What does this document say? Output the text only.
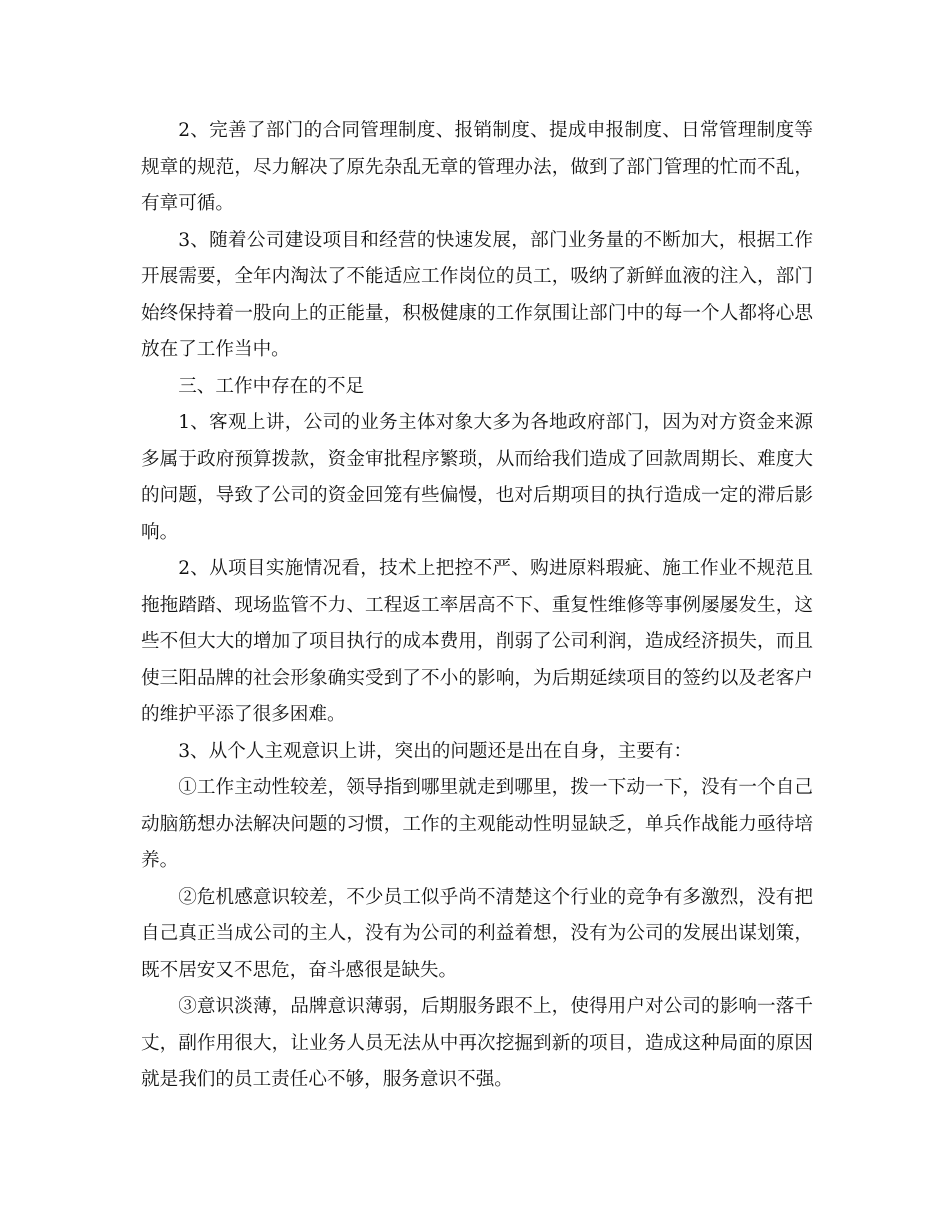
2、完善了部门的合同管理制度、报销制度、提成申报制度、日常管理制度等规章的规范，尽力解决了原先杂乱无章的管理办法，做到了部门管理的忙而不乱，有章可循。

3、随着公司建设项目和经营的快速发展，部门业务量的不断加大，根据工作开展需要，全年内淘汰了不能适应工作岗位的员工，吸纳了新鲜血液的注入，部门始终保持着一股向上的正能量，积极健康的工作氛围让部门中的每一个人都将心思放在了工作当中。

三、工作中存在的不足

1、客观上讲，公司的业务主体对象大多为各地政府部门，因为对方资金来源多属于政府预算拨款，资金审批程序繁琐，从而给我们造成了回款周期长、难度大的问题，导致了公司的资金回笼有些偏慢，也对后期项目的执行造成一定的滞后影响。

2、从项目实施情况看，技术上把控不严、购进原料瑕疵、施工作业不规范且拖拖踏踏、现场监管不力、工程返工率居高不下、重复性维修等事例屡屡发生，这些不但大大的增加了项目执行的成本费用，削弱了公司利润，造成经济损失，而且使三阳品牌的社会形象确实受到了不小的影响，为后期延续项目的签约以及老客户的维护平添了很多困难。

3、从个人主观意识上讲，突出的问题还是出在自身，主要有：

①工作主动性较差，领导指到哪里就走到哪里，拨一下动一下，没有一个自己动脑筋想办法解决问题的习惯，工作的主观能动性明显缺乏，单兵作战能力亟待培养。

②危机感意识较差，不少员工似乎尚不清楚这个行业的竞争有多激烈，没有把自己真正当成公司的主人，没有为公司的利益着想，没有为公司的发展出谋划策，既不居安又不思危，奋斗感很是缺失。

③意识淡薄，品牌意识薄弱，后期服务跟不上，使得用户对公司的影响一落千丈，副作用很大，让业务人员无法从中再次挖掘到新的项目，造成这种局面的原因就是我们的员工责任心不够，服务意识不强。
